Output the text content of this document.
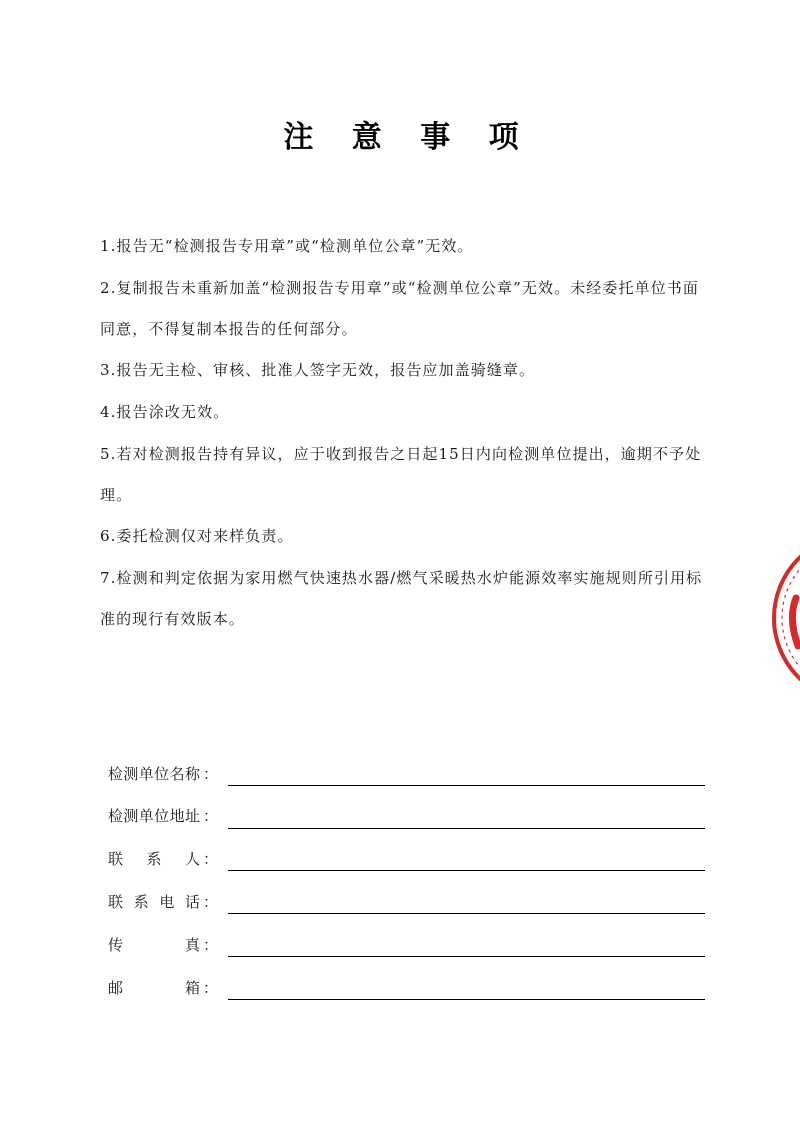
注 意 事 项
1.报告无“检测报告专用章”或“检测单位公章”无效。
2.复制报告未重新加盖“检测报告专用章”或“检测单位公章”无效。未经委托单位书面同意，不得复制本报告的任何部分。
3.报告无主检、审核、批准人签字无效，报告应加盖骑缝章。
4.报告涂改无效。
5.若对检测报告持有异议，应于收到报告之日起15日内向检测单位提出，逾期不予处理。
6.委托检测仅对来样负责。
7.检测和判定依据为家用燃气快速热水器/燃气采暖热水炉能源效率实施规则所引用标准的现行有效版本。
检 测 单 位 名 称 ：
检 测 单 位 地 址 ：
联 系 人 ：
联 系 电 话 ：
传	真 ：
邮	箱 ：
